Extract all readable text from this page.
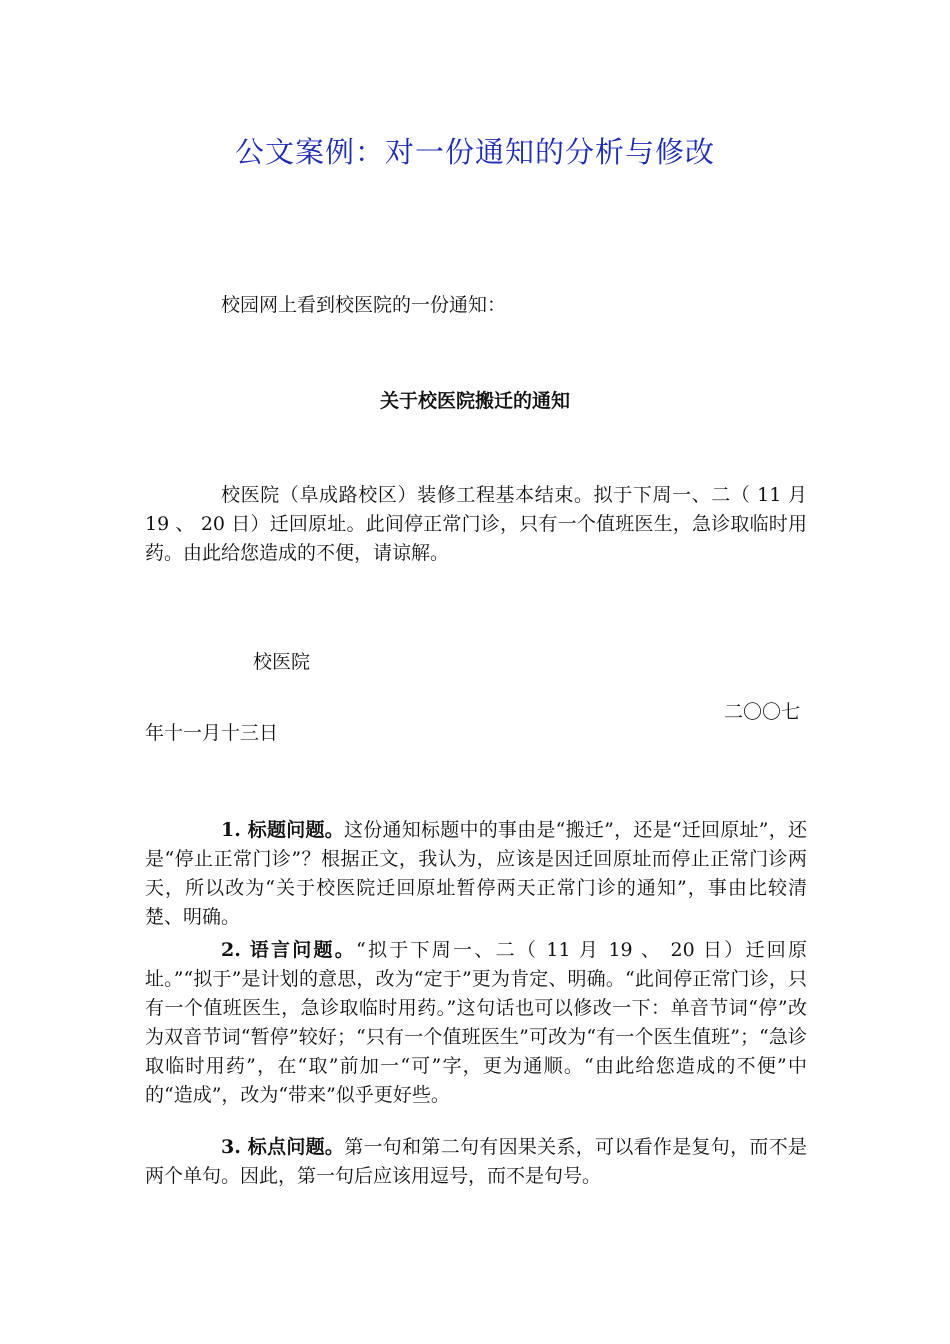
公文案例：对一份通知的分析与修改
校园网上看到校医院的一份通知：
关于校医院搬迁的通知
校医院（阜成路校区）装修工程基本结束。拟于下周一、二（ 11 月 19 、 20 日）迁回原址。此间停正常门诊，只有一个值班医生，急诊取临时用药。由此给您造成的不便，请谅解。
校医院
二〇〇七
年十一月十三日
1. 标题问题。这份通知标题中的事由是“搬迁”，还是“迁回原址”，还是“停止正常门诊”？根据正文，我认为，应该是因迁回原址而停止正常门诊两天，所以改为“关于校医院迁回原址暂停两天正常门诊的通知”，事由比较清楚、明确。
2. 语言问题。“拟于下周一、二（ 11 月 19 、 20 日）迁回原址。”“拟于”是计划的意思，改为“定于”更为肯定、明确。“此间停正常门诊，只有一个值班医生，急诊取临时用药。”这句话也可以修改一下：单音节词“停”改为双音节词“暂停”较好；“只有一个值班医生”可改为“有一个医生值班”；“急诊取临时用药”，在“取”前加一“可”字，更为通顺。“由此给您造成的不便”中的“造成”，改为“带来”似乎更好些。
3. 标点问题。第一句和第二句有因果关系，可以看作是复句，而不是两个单句。因此，第一句后应该用逗号，而不是句号。
